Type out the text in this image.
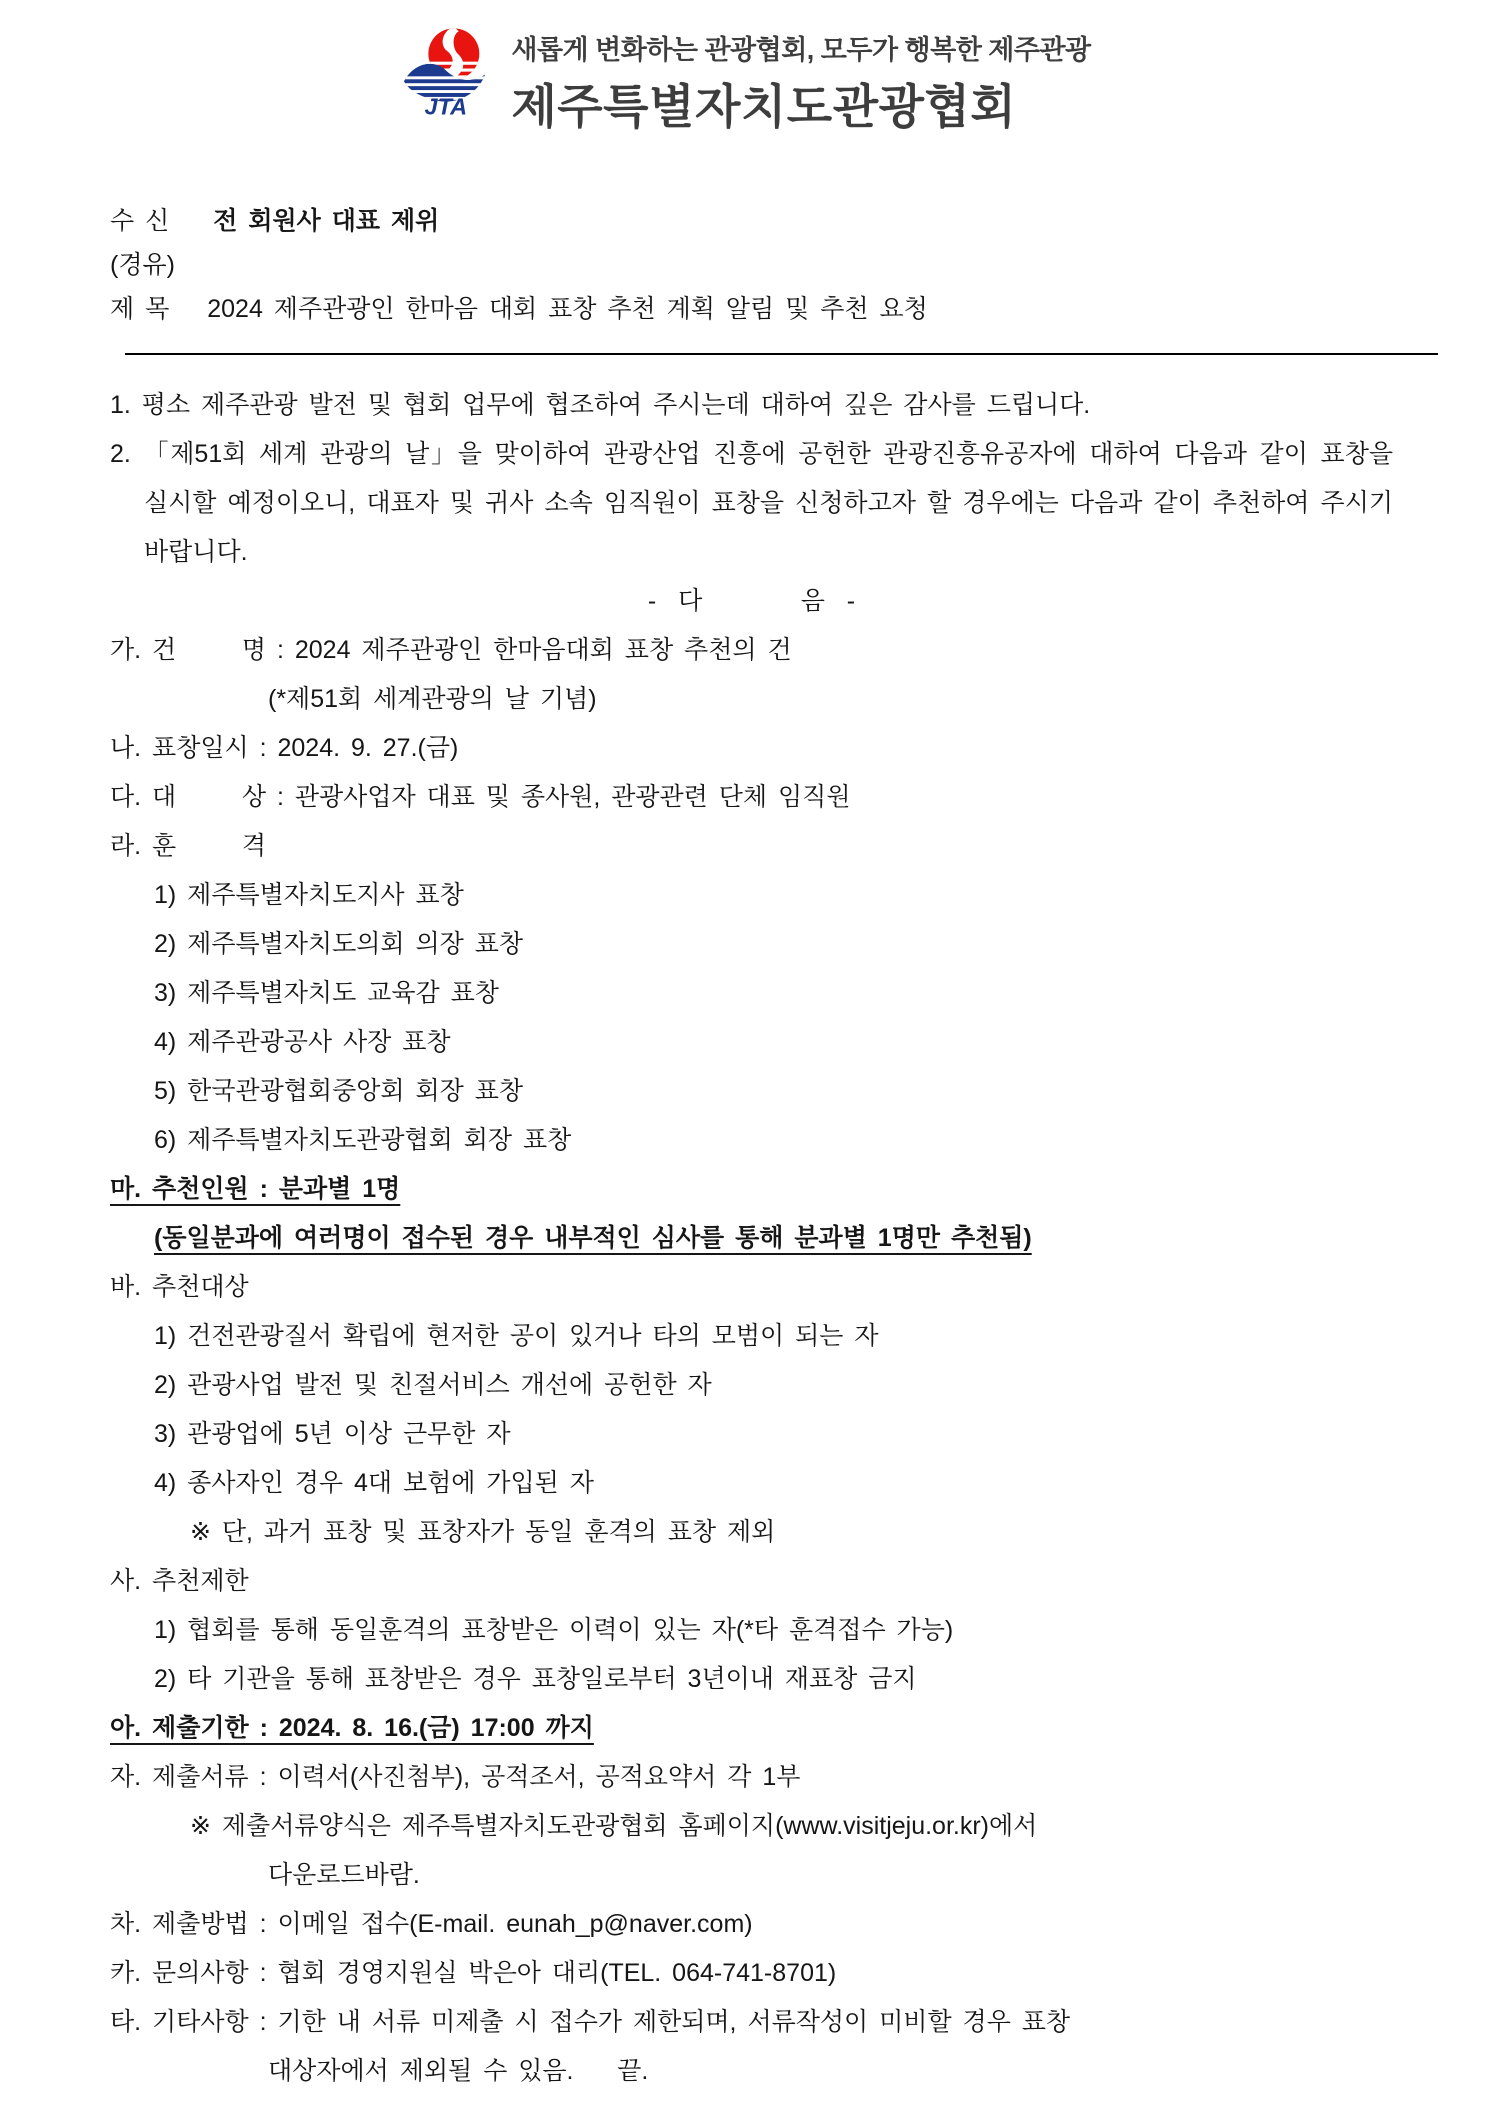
JTA
새롭게 변화하는 관광협회, 모두가 행복한 제주관광
제주특별자치도관광협회
수 신 전 회원사 대표 제위
(경유)
제 목 2024 제주관광인 한마음 대회 표창 추천 계획 알림 및 추천 요청
1. 평소 제주관광 발전 및 협회 업무에 협조하여 주시는데 대하여 깊은 감사를 드립니다.
2. 「제51회 세계 관광의 날」을 맞이하여 관광산업 진흥에 공헌한 관광진흥유공자에 대하여 다음과 같이 표창을 실시할 예정이오니, 대표자 및 귀사 소속 임직원이 표창을 신청하고자 할 경우에는 다음과 같이 추천하여 주시기 바랍니다.
-  다         음  -
가. 건      명 : 2024 제주관광인 한마음대회 표창 추천의 건
(*제51회 세계관광의 날 기념)
나. 표창일시 : 2024. 9. 27.(금)
다. 대      상 : 관광사업자 대표 및 종사원, 관광관련 단체 임직원
라. 훈      격
1) 제주특별자치도지사 표창
2) 제주특별자치도의회 의장 표창
3) 제주특별자치도 교육감 표창
4) 제주관광공사 사장 표창
5) 한국관광협회중앙회 회장 표창
6) 제주특별자치도관광협회 회장 표창
마. 추천인원 : 분과별 1명
(동일분과에 여러명이 접수된 경우 내부적인 심사를 통해 분과별 1명만 추천됨)
바. 추천대상
1) 건전관광질서 확립에 현저한 공이 있거나 타의 모범이 되는 자
2) 관광사업 발전 및 친절서비스 개선에 공헌한 자
3) 관광업에 5년 이상 근무한 자
4) 종사자인 경우 4대 보험에 가입된 자
※ 단, 과거 표창 및 표창자가 동일 훈격의 표창 제외
사. 추천제한
1) 협회를 통해 동일훈격의 표창받은 이력이 있는 자(*타 훈격접수 가능)
2) 타 기관을 통해 표창받은 경우 표창일로부터 3년이내 재표창 금지
아. 제출기한 : 2024. 8. 16.(금) 17:00 까지
자. 제출서류 : 이력서(사진첨부), 공적조서, 공적요약서 각 1부
※ 제출서류양식은 제주특별자치도관광협회 홈페이지(www.visitjeju.or.kr)에서
다운로드바람.
차. 제출방법 : 이메일 접수(E-mail. eunah_p@naver.com)
카. 문의사항 : 협회 경영지원실 박은아 대리(TEL. 064-741-8701)
타. 기타사항 : 기한 내 서류 미제출 시 접수가 제한되며, 서류작성이 미비할 경우 표창
대상자에서 제외될 수 있음.    끝.
